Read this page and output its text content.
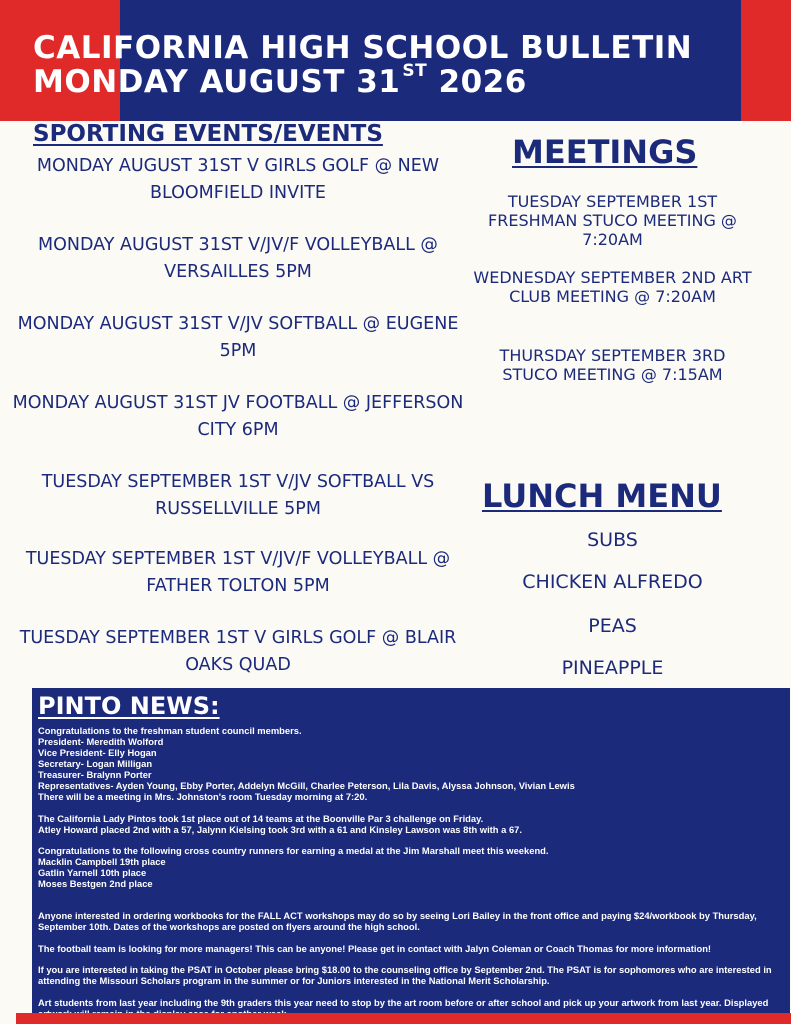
CALIFORNIA HIGH SCHOOL BULLETIN
MONDAY AUGUST 31 $^{ST}$ 2026
SPORTING EVENTS/EVENTS
MONDAY AUGUST 31ST V GIRLS GOLF @ NEW BLOOMFIELD INVITE
MONDAY AUGUST 31ST V/JV/F VOLLEYBALL @ VERSAILLES 5PM
MONDAY AUGUST 31ST V/JV SOFTBALL @ EUGENE 5PM
MONDAY AUGUST 31ST JV FOOTBALL @ JEFFERSON CITY 6PM
TUESDAY SEPTEMBER 1ST V/JV SOFTBALL VS RUSSELLVILLE 5PM
TUESDAY SEPTEMBER 1ST V/JV/F VOLLEYBALL @ FATHER TOLTON 5PM
TUESDAY SEPTEMBER 1ST V GIRLS GOLF @ BLAIR OAKS QUAD
MEETINGS
TUESDAY SEPTEMBER 1ST FRESHMAN STUCO MEETING @ 7:20AM
WEDNESDAY SEPTEMBER 2ND ART CLUB MEETING @ 7:20AM
THURSDAY SEPTEMBER 3RD STUCO MEETING @ 7:15AM
LUNCH MENU
SUBS
CHICKEN ALFREDO
PEAS
PINEAPPLE
PINTO NEWS:

Congratulations to the freshman student council members.
President- Meredith Wolford
Vice President- Elly Hogan
Secretary- Logan Milligan
Treasurer- Bralynn Porter
Representatives- Ayden Young, Ebby Porter, Addelyn McGill, Charlee Peterson, Lila Davis, Alyssa Johnson, Vivian Lewis
There will be a meeting in Mrs. Johnston's room Tuesday morning at 7:20.

The California Lady Pintos took 1st place out of 14 teams at the Boonville Par 3 challenge on Friday.
Atley Howard placed 2nd with a 57, Jalynn Kielsing took 3rd with a 61 and Kinsley Lawson was 8th with a 67.

Congratulations to the following cross country runners for earning a medal at the Jim Marshall meet this weekend.
Macklin Campbell 19th place
Gatlin Yarnell 10th place
Moses Bestgen 2nd place

Anyone interested in ordering workbooks for the FALL ACT workshops may do so by seeing Lori Bailey in the front office and paying $24/workbook by Thursday, September 10th. Dates of the workshops are posted on flyers around the high school.

The football team is looking for more managers! This can be anyone! Please get in contact with Jalyn Coleman or Coach Thomas for more information!

If you are interested in taking the PSAT in October please bring $18.00 to the counseling office by September 2nd. The PSAT is for sophomores who are interested in attending the Missouri Scholars program in the summer or for Juniors interested in the National Merit Scholarship.

Art students from last year including the 9th graders this year need to stop by the art room before or after school and pick up your artwork from last year. Displayed
